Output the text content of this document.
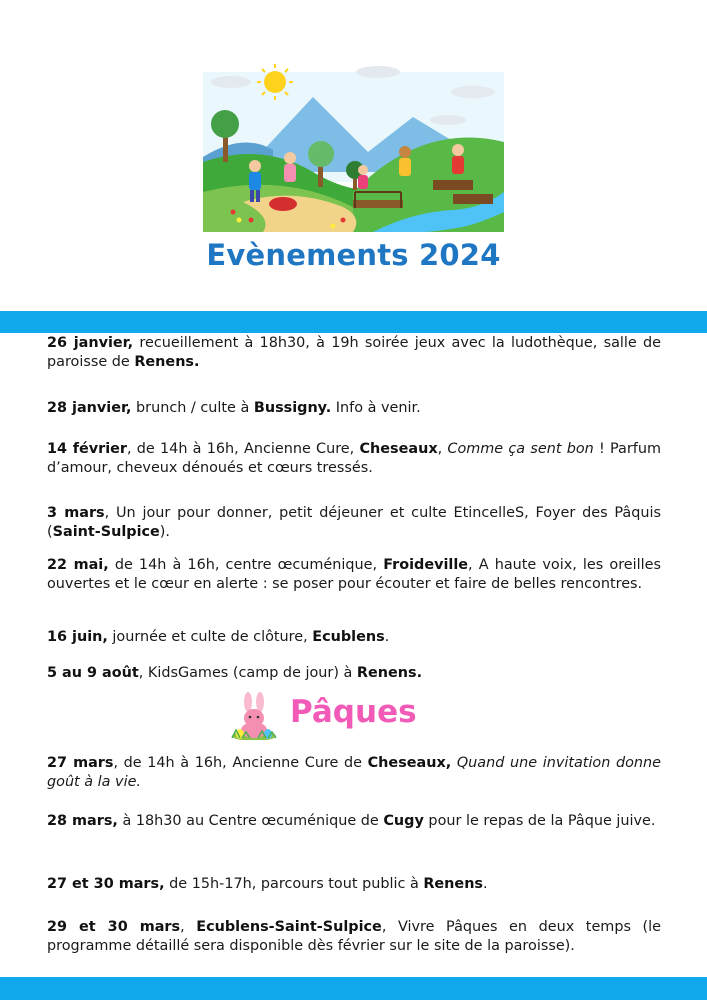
Evènements 2024
26 janvier, recueillement à 18h30, à 19h soirée jeux avec la ludothèque, salle de paroisse de Renens.
28 janvier, brunch / culte à Bussigny. Info à venir.
14 février, de 14h à 16h, Ancienne Cure, Cheseaux, Comme ça sent bon ! Parfum d’amour, cheveux dénoués et cœurs tressés.
3 mars, Un jour pour donner, petit déjeuner et culte EtincelleS, Foyer des Pâquis (Saint-Sulpice).
22 mai, de 14h à 16h, centre œcuménique, Froideville, A haute voix, les oreilles ouvertes et le cœur en alerte : se poser pour écouter et faire de belles rencontres.
16 juin, journée et culte de clôture, Ecublens.
5 au 9 août, KidsGames (camp de jour) à Renens.
Pâques
27 mars, de 14h à 16h, Ancienne Cure de Cheseaux, Quand une invitation donne goût à la vie.
28 mars, à 18h30 au Centre œcuménique de Cugy pour le repas de la Pâque juive.
27 et 30 mars, de 15h-17h, parcours tout public à Renens.
29 et 30 mars, Ecublens-Saint-Sulpice, Vivre Pâques en deux temps (le programme détaillé sera disponible dès février sur le site de la paroisse).
